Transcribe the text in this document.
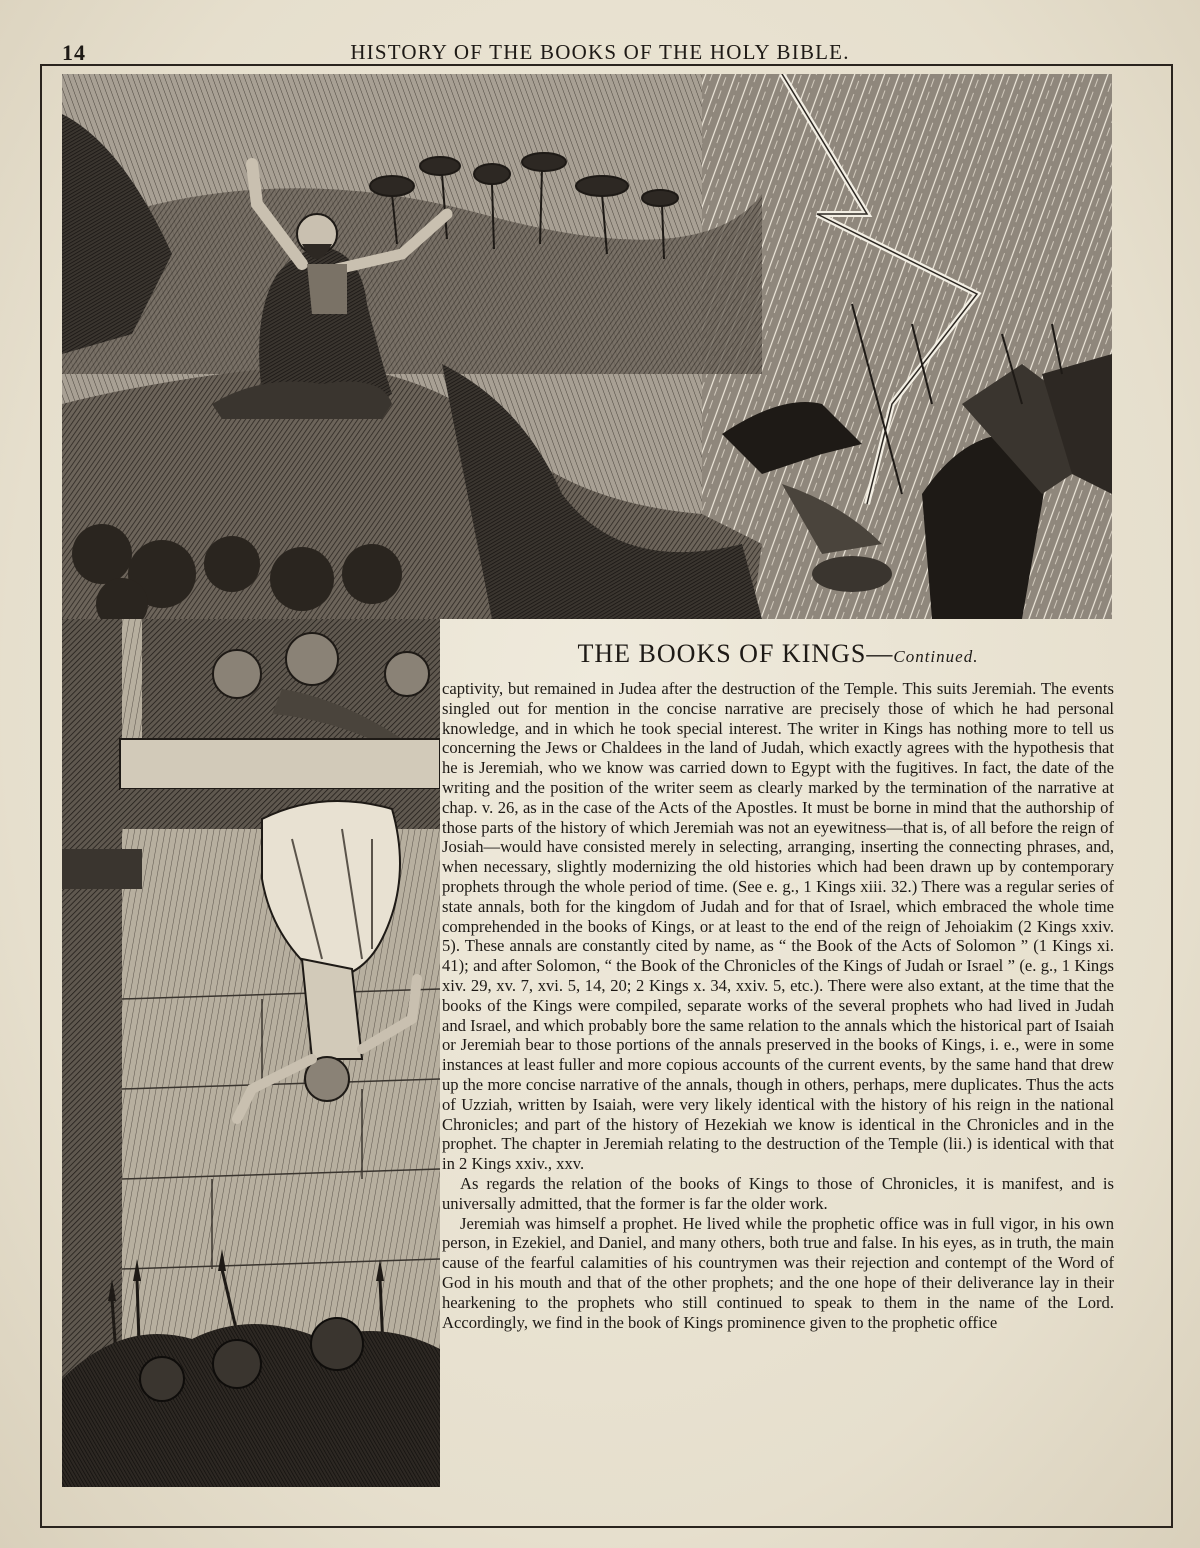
14	HISTORY OF THE BOOKS OF THE HOLY BIBLE.
THE BOOKS OF KINGS—Continued.

captivity, but remained in Judea after the destruction of the Temple. This suits Jeremiah. The events singled out for mention in the concise narrative are precisely those of which he had personal knowledge, and in which he took special interest. The writer in Kings has nothing more to tell us concerning the Jews or Chaldees in the land of Judah, which exactly agrees with the hypothesis that he is Jeremiah, who we know was carried down to Egypt with the fugitives. In fact, the date of the writing and the position of the writer seem as clearly marked by the termination of the narrative at chap. v. 26, as in the case of the Acts of the Apostles. It must be borne in mind that the authorship of those parts of the history of which Jeremiah was not an eyewitness—that is, of all before the reign of Josiah—would have consisted merely in selecting, arranging, inserting the connecting phrases, and, when necessary, slightly modernizing the old histories which had been drawn up by contemporary prophets through the whole period of time. (See e. g., 1 Kings xiii. 32.) There was a regular series of state annals, both for the kingdom of Judah and for that of Israel, which embraced the whole time comprehended in the books of Kings, or at least to the end of the reign of Jehoiakim (2 Kings xxiv. 5). These annals are constantly cited by name, as “ the Book of the Acts of Solomon ” (1 Kings xi. 41); and after Solomon, “ the Book of the Chronicles of the Kings of Judah or Israel ” (e. g., 1 Kings xiv. 29, xv. 7, xvi. 5, 14, 20; 2 Kings x. 34, xxiv. 5, etc.). There were also extant, at the time that the books of the Kings were compiled, separate works of the several prophets who had lived in Judah and Israel, and which probably bore the same relation to the annals which the historical part of Isaiah or Jeremiah bear to those portions of the annals preserved in the books of Kings, i. e., were in some instances at least fuller and more copious accounts of the current events, by the same hand that drew up the more concise narrative of the annals, though in others, perhaps, mere duplicates. Thus the acts of Uzziah, written by Isaiah, were very likely identical with the history of his reign in the national Chronicles; and part of the history of Hezekiah we know is identical in the Chronicles and in the prophet. The chapter in Jeremiah relating to the destruction of the Temple (lii.) is identical with that in 2 Kings xxiv., xxv.

As regards the relation of the books of Kings to those of Chronicles, it is manifest, and is universally admitted, that the former is far the older work.

Jeremiah was himself a prophet. He lived while the prophetic office was in full vigor, in his own person, in Ezekiel, and Daniel, and many others, both true and false. In his eyes, as in truth, the main cause of the fearful calamities of his countrymen was their rejection and contempt of the Word of God in his mouth and that of the other prophets; and the one hope of their deliverance lay in their hearkening to the prophets who still continued to speak to them in the name of the Lord. Accordingly, we find in the book of Kings prominence given to the prophetic office
